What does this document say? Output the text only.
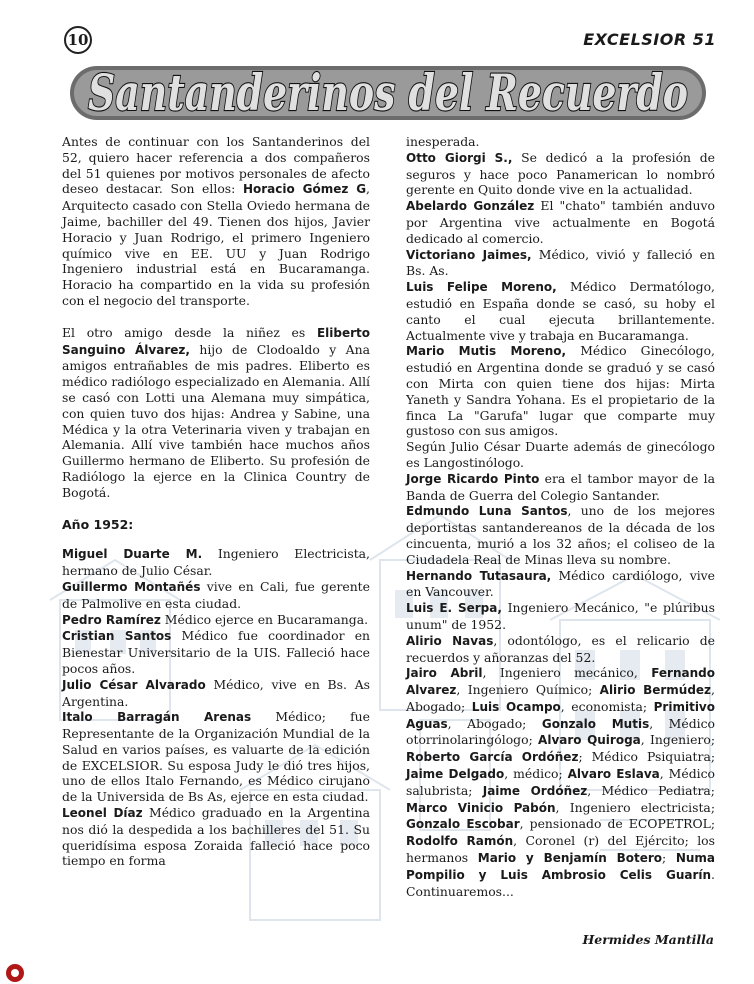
10	EXCELSIOR 51
Santanderinos del Recuerdo

Antes de continuar con los Santanderinos del 52, quiero hacer referencia a dos compañeros del 51 quienes por motivos personales de afecto deseo destacar. Son ellos: Horacio Gómez G, Arquitecto casado con Stella Oviedo hermana de Jaime, bachiller del 49. Tienen dos hijos, Javier Horacio y Juan Rodrigo, el primero Ingeniero químico vive en EE. UU y Juan Rodrigo Ingeniero industrial está en Bucaramanga. Horacio ha compartido en la vida su profesión con el negocio del transporte.

El otro amigo desde la niñez es Eliberto Sanguino Álvarez, hijo de Clodoaldo y Ana amigos entrañables de mis padres. Eliberto es médico radiólogo especializado en Alemania. Allí se casó con Lotti una Alemana muy simpática, con quien tuvo dos hijas: Andrea y Sabine, una Médica y la otra Veterinaria viven y trabajan en Alemania. Allí vive también hace muchos años Guillermo hermano de Eliberto. Su profesión de Radiólogo la ejerce en la Clinica Country de Bogotá.

Año 1952:

Miguel Duarte M. Ingeniero Electricista, hermano de Julio César.

Guillermo Montañés vive en Cali, fue gerente de Palmolive en esta ciudad.

Pedro Ramírez Médico ejerce en Bucaramanga.

Cristian Santos Médico fue coordinador en Bienestar Universitario de la UIS. Falleció hace pocos años.

Julio César Alvarado Médico, vive en Bs. As Argentina.

Italo Barragán Arenas Médico; fue Representante de la Organización Mundial de la Salud en varios países, es valuarte de la edición de EXCELSIOR. Su esposa Judy le dió tres hijos, uno de ellos Italo Fernando, es Médico cirujano de la Universida de Bs As, ejerce en esta ciudad.

Leonel Díaz Médico graduado en la Argentina nos dió la despedida a los bachilleres del 51. Su queridísima esposa Zoraida falleció hace poco tiempo en forma

inesperada.

Otto Giorgi S., Se dedicó a la profesión de seguros y hace poco Panamerican lo nombró gerente en Quito donde vive en la actualidad.

Abelardo González El "chato" también anduvo por Argentina vive actualmente en Bogotá dedicado al comercio.

Victoriano Jaimes, Médico, vivió y falleció en Bs. As.

Luis Felipe Moreno, Médico Dermatólogo, estudió en España donde se casó, su hoby el canto el cual ejecuta brillantemente. Actualmente vive y trabaja en Bucaramanga.

Mario Mutis Moreno, Médico Ginecólogo, estudió en Argentina donde se graduó y se casó con Mirta con quien tiene dos hijas: Mirta Yaneth y Sandra Yohana. Es el propietario de la finca La "Garufa" lugar que comparte muy gustoso con sus amigos.

Según Julio César Duarte además de ginecólogo es Langostinólogo.

Jorge Ricardo Pinto era el tambor mayor de la Banda de Guerra del Colegio Santander.

Edmundo Luna Santos, uno de los mejores deportistas santandereanos de la década de los cincuenta, murió a los 32 años; el coliseo de la Ciudadela Real de Minas lleva su nombre.

Hernando Tutasaura, Médico cardiólogo, vive en Vancouver.

Luis E. Serpa, Ingeniero Mecánico, "e plúribus unum" de 1952.

Alirio Navas, odontólogo, es el relicario de recuerdos y añoranzas del 52.

Jairo Abril, Ingeniero mecánico, Fernando Alvarez, Ingeniero Químico; Alirio Bermúdez, Abogado; Luis Ocampo, economista; Primitivo Aguas, Abogado; Gonzalo Mutis, Médico otorrinolaringólogo; Alvaro Quiroga, Ingeniero; Roberto García Ordóñez; Médico Psiquiatra; Jaime Delgado, médico; Alvaro Eslava, Médico salubrista; Jaime Ordóñez, Médico Pediatra; Marco Vinicio Pabón, Ingeniero electricista; Gonzalo Escobar, pensionado de ECOPETROL; Rodolfo Ramón, Coronel (r) del Ejército; los hermanos Mario y Benjamín Botero; Numa Pompilio y Luis Ambrosio Celis Guarín. Continuaremos...

Hermides Mantilla
